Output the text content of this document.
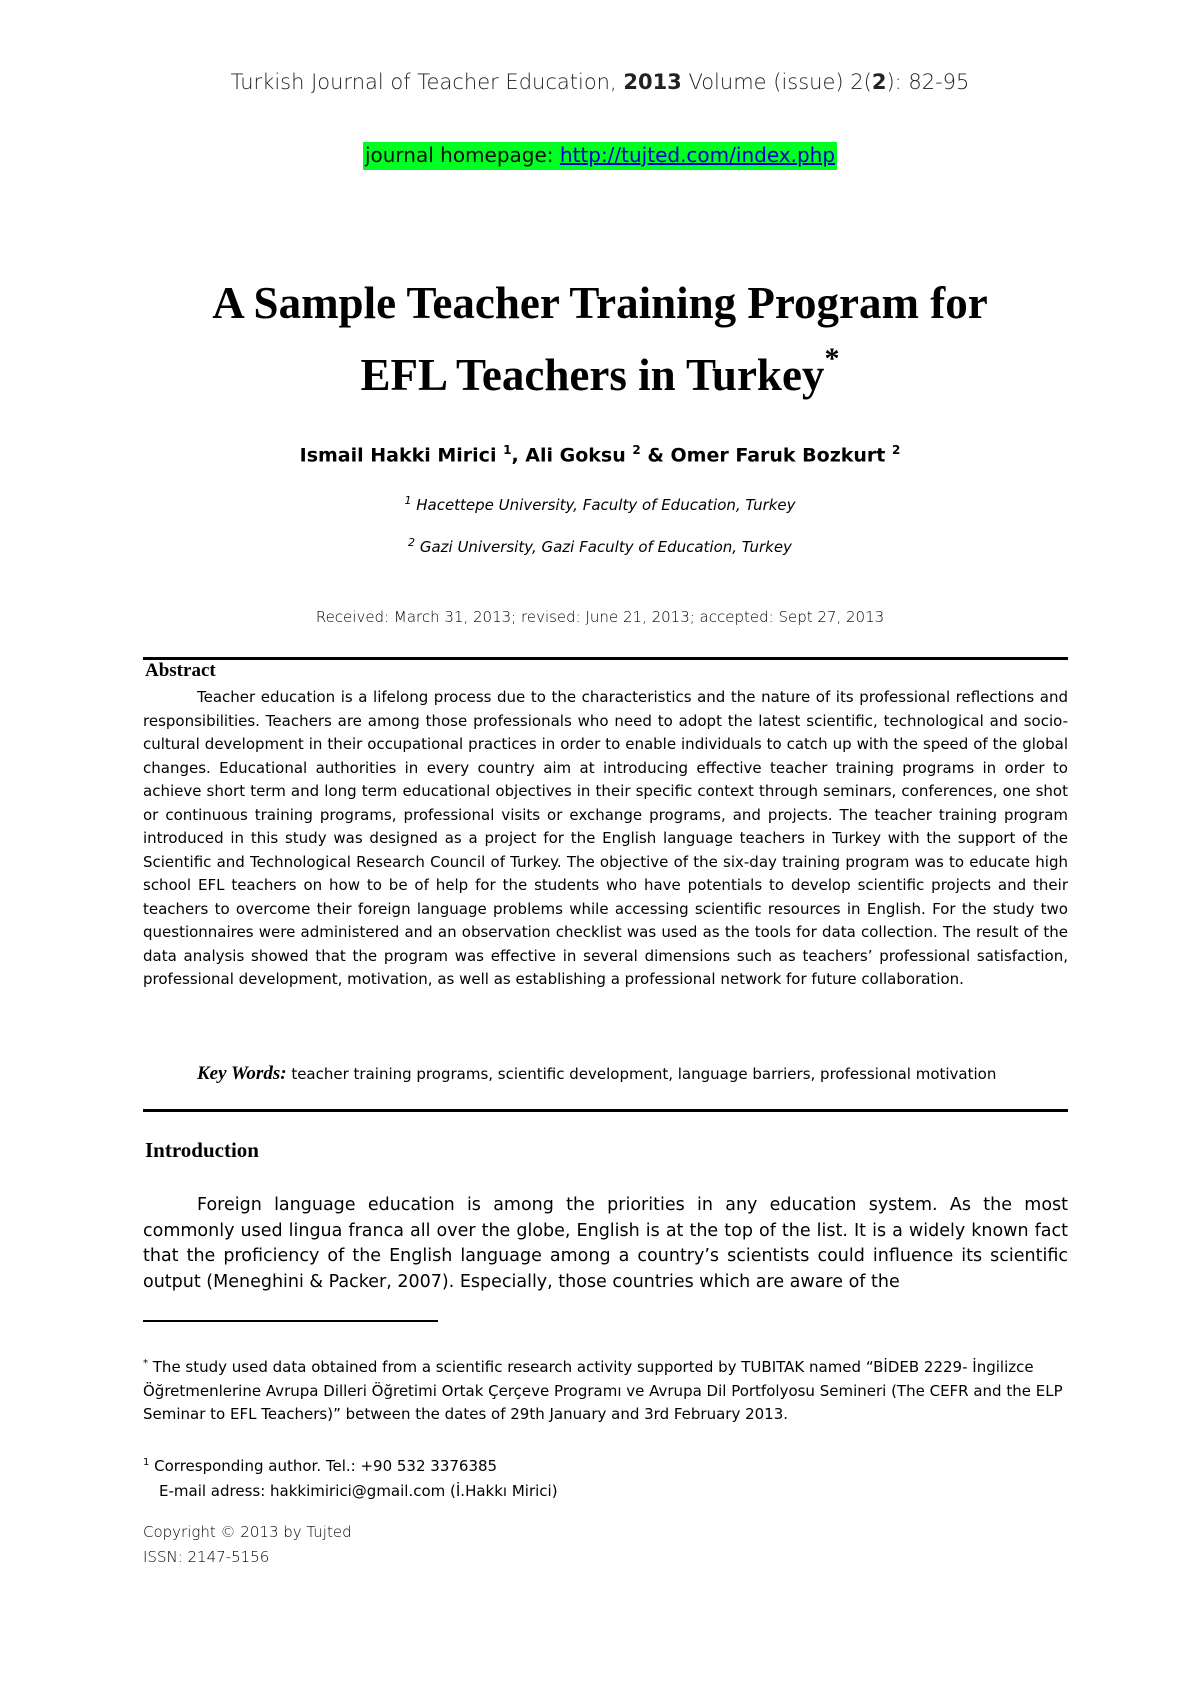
Turkish Journal of Teacher Education, 2013 Volume (issue) 2(2): 82-95
journal homepage: http://tujted.com/index.php
A Sample Teacher Training Program for
EFL Teachers in Turkey*
Ismail Hakki Mirici $^1$, Ali Goksu $^2$ & Omer Faruk Bozkurt $^2$
$^1$ Hacettepe University, Faculty of Education, Turkey
$^2$ Gazi University, Gazi Faculty of Education, Turkey
Received: March 31, 2013; revised: June 21, 2013; accepted: Sept 27, 2013
Abstract
Teacher education is a lifelong process due to the characteristics and the nature of its professional reflections and responsibilities. Teachers are among those professionals who need to adopt the latest scientific, technological and socio-cultural development in their occupational practices in order to enable individuals to catch up with the speed of the global changes. Educational authorities in every country aim at introducing effective teacher training programs in order to achieve short term and long term educational objectives in their specific context through seminars, conferences, one shot or continuous training programs, professional visits or exchange programs, and projects. The teacher training program introduced in this study was designed as a project for the English language teachers in Turkey with the support of the Scientific and Technological Research Council of Turkey. The objective of the six-day training program was to educate high school EFL teachers on how to be of help for the students who have potentials to develop scientific projects and their teachers to overcome their foreign language problems while accessing scientific resources in English. For the study two questionnaires were administered and an observation checklist was used as the tools for data collection. The result of the data analysis showed that the program was effective in several dimensions such as teachers’ professional satisfaction, professional development, motivation, as well as establishing a professional network for future collaboration.
Key Words: teacher training programs, scientific development, language barriers, professional motivation
Introduction
Foreign language education is among the priorities in any education system. As the most commonly used lingua franca all over the globe, English is at the top of the list. It is a widely known fact that the proficiency of the English language among a country’s scientists could influence its scientific output (Meneghini & Packer, 2007). Especially, those countries which are aware of the
* The study used data obtained from a scientific research activity supported by TUBITAK named “BİDEB 2229- İngilizce Öğretmenlerine Avrupa Dilleri Öğretimi Ortak Çerçeve Programı ve Avrupa Dil Portfolyosu Semineri (The CEFR and the ELP Seminar to EFL Teachers)” between the dates of 29th January and 3rd February 2013.
$^1$ Corresponding author. Tel.: +90 532 3376385
E-mail adress: hakkimirici@gmail.com (İ.Hakkı Mirici)
Copyright © 2013 by Tujted
ISSN: 2147-5156
